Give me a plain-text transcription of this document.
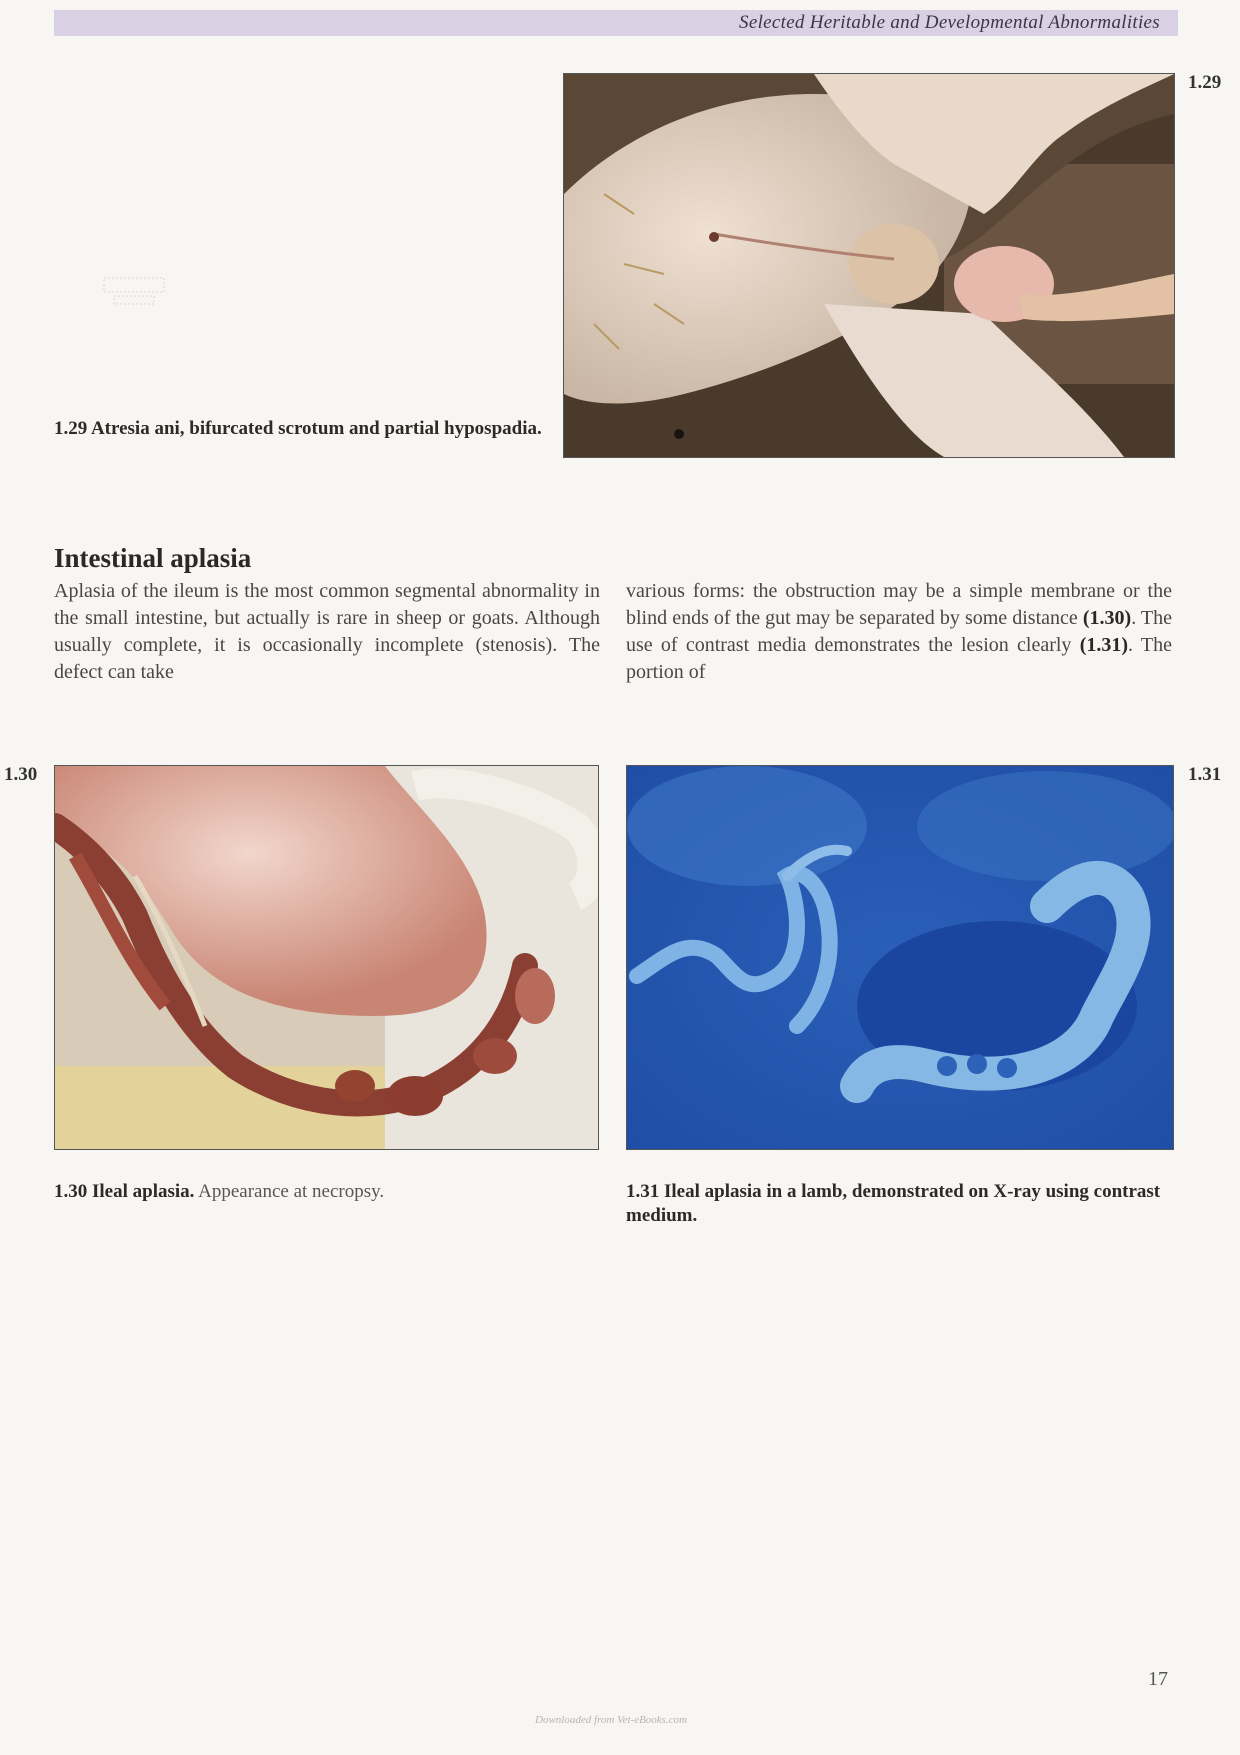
Selected Heritable and Developmental Abnormalities
1.29
1.29 Atresia ani, bifurcated scrotum and partial hypospadia.
Intestinal aplasia
Aplasia of the ileum is the most common segmental abnormality in the small intestine, but actually is rare in sheep or goats. Although usually complete, it is occasionally incomplete (stenosis). The defect can take
various forms: the obstruction may be a simple membrane or the blind ends of the gut may be separated by some distance (1.30). The use of contrast media demonstrates the lesion clearly (1.31). The portion of
1.30
1.30 Ileal aplasia. Appearance at necropsy.
1.31
1.31 Ileal aplasia in a lamb, demonstrated on X-ray using contrast medium.
17
Downloaded from Vet-eBooks.com
